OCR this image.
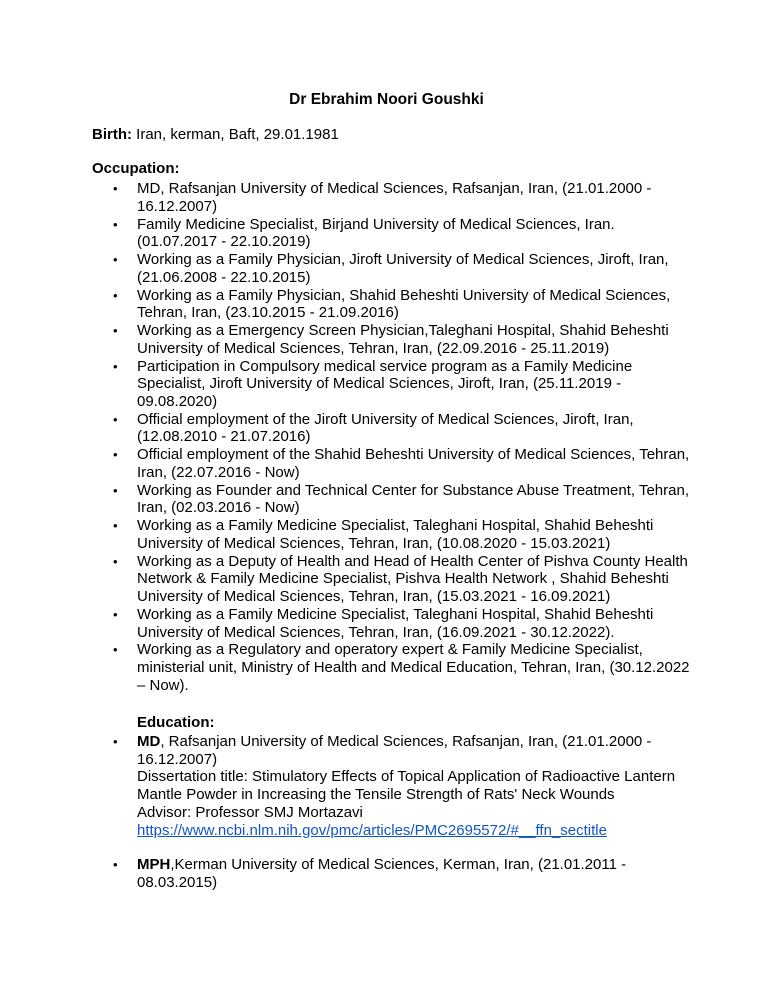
Dr Ebrahim Noori Goushki
Birth: Iran, kerman, Baft, 29.01.1981
Occupation:
• MD, Rafsanjan University of Medical Sciences, Rafsanjan, Iran, (21.01.2000 - 16.12.2007)
• Family Medicine Specialist, Birjand University of Medical Sciences, Iran. (01.07.2017 - 22.10.2019)
• Working as a Family Physician, Jiroft University of Medical Sciences, Jiroft, Iran, (21.06.2008 - 22.10.2015)
• Working as a Family Physician, Shahid Beheshti University of Medical Sciences, Tehran, Iran, (23.10.2015 - 21.09.2016)
• Working as a Emergency Screen Physician,Taleghani Hospital, Shahid Beheshti University of Medical Sciences, Tehran, Iran, (22.09.2016 - 25.11.2019)
• Participation in Compulsory medical service program as a Family Medicine Specialist, Jiroft University of Medical Sciences, Jiroft, Iran, (25.11.2019 - 09.08.2020)
• Official employment of the Jiroft University of Medical Sciences, Jiroft, Iran, (12.08.2010 - 21.07.2016)
• Official employment of the Shahid Beheshti University of Medical Sciences, Tehran, Iran, (22.07.2016 - Now)
• Working as Founder and Technical Center for Substance Abuse Treatment, Tehran, Iran, (02.03.2016 - Now)
• Working as a Family Medicine Specialist, Taleghani Hospital, Shahid Beheshti University of Medical Sciences, Tehran, Iran, (10.08.2020 - 15.03.2021)
• Working as a Deputy of Health and Head of Health Center of Pishva County Health Network & Family Medicine Specialist, Pishva Health Network , Shahid Beheshti University of Medical Sciences, Tehran, Iran, (15.03.2021 - 16.09.2021)
• Working as a Family Medicine Specialist, Taleghani Hospital, Shahid Beheshti University of Medical Sciences, Tehran, Iran, (16.09.2021 - 30.12.2022).
• Working as a Regulatory and operatory expert & Family Medicine Specialist, ministerial unit, Ministry of Health and Medical Education, Tehran, Iran, (30.12.2022 – Now).
Education:
• MD, Rafsanjan University of Medical Sciences, Rafsanjan, Iran, (21.01.2000 - 16.12.2007)
Dissertation title: Stimulatory Effects of Topical Application of Radioactive Lantern Mantle Powder in Increasing the Tensile Strength of Rats' Neck Wounds
Advisor: Professor SMJ Mortazavi
https://www.ncbi.nlm.nih.gov/pmc/articles/PMC2695572/#__ffn_sectitle
• MPH,Kerman University of Medical Sciences, Kerman, Iran, (21.01.2011 - 08.03.2015)
